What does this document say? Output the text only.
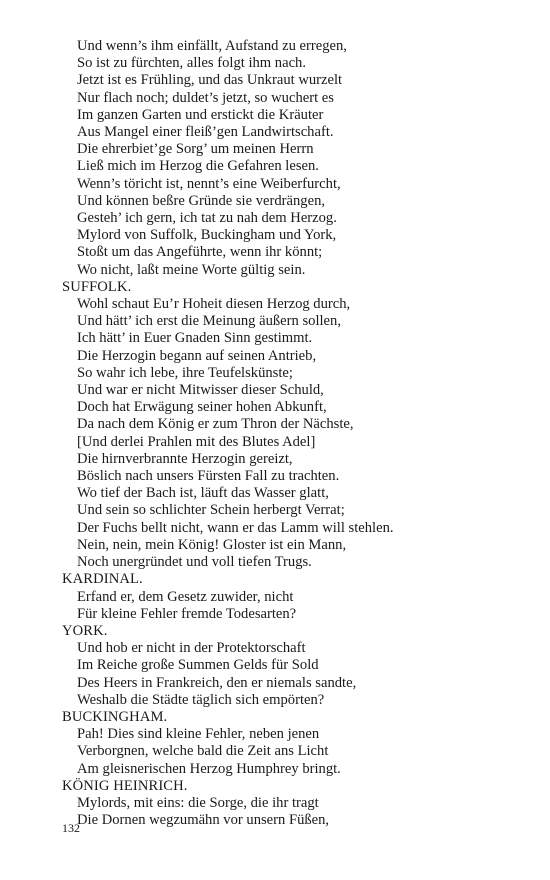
Und wenn’s ihm einfällt, Aufstand zu erregen,

So ist zu fürchten, alles folgt ihm nach.

Jetzt ist es Frühling, und das Unkraut wurzelt

Nur flach noch; duldet’s jetzt, so wuchert es

Im ganzen Garten und erstickt die Kräuter

Aus Mangel einer fleiß’gen Landwirtschaft.

Die ehrerbiet’ge Sorg’ um meinen Herrn

Ließ mich im Herzog die Gefahren lesen.

Wenn’s töricht ist, nennt’s eine Weiberfurcht,

Und können beßre Gründe sie verdrängen,

Gesteh’ ich gern, ich tat zu nah dem Herzog.

Mylord von Suffolk, Buckingham und York,

Stoßt um das Angeführte, wenn ihr könnt;

Wo nicht, laßt meine Worte gültig sein.

SUFFOLK.

Wohl schaut Eu’r Hoheit diesen Herzog durch,

Und hätt’ ich erst die Meinung äußern sollen,

Ich hätt’ in Euer Gnaden Sinn gestimmt.

Die Herzogin begann auf seinen Antrieb,

So wahr ich lebe, ihre Teufelskünste;

Und war er nicht Mitwisser dieser Schuld,

Doch hat Erwägung seiner hohen Abkunft,

Da nach dem König er zum Thron der Nächste,

[Und derlei Prahlen mit des Blutes Adel]

Die hirnverbrannte Herzogin gereizt,

Böslich nach unsers Fürsten Fall zu trachten.

Wo tief der Bach ist, läuft das Wasser glatt,

Und sein so schlichter Schein herbergt Verrat;

Der Fuchs bellt nicht, wann er das Lamm will stehlen.

Nein, nein, mein König! Gloster ist ein Mann,

Noch unergründet und voll tiefen Trugs.

KARDINAL.

Erfand er, dem Gesetz zuwider, nicht

Für kleine Fehler fremde Todesarten?

YORK.

Und hob er nicht in der Protektorschaft

Im Reiche große Summen Gelds für Sold

Des Heers in Frankreich, den er niemals sandte,

Weshalb die Städte täglich sich empörten?

BUCKINGHAM.

Pah! Dies sind kleine Fehler, neben jenen

Verborgnen, welche bald die Zeit ans Licht

Am gleisnerischen Herzog Humphrey bringt.

KÖNIG HEINRICH.

Mylords, mit eins: die Sorge, die ihr tragt

Die Dornen wegzumähn vor unsern Füßen,

132
